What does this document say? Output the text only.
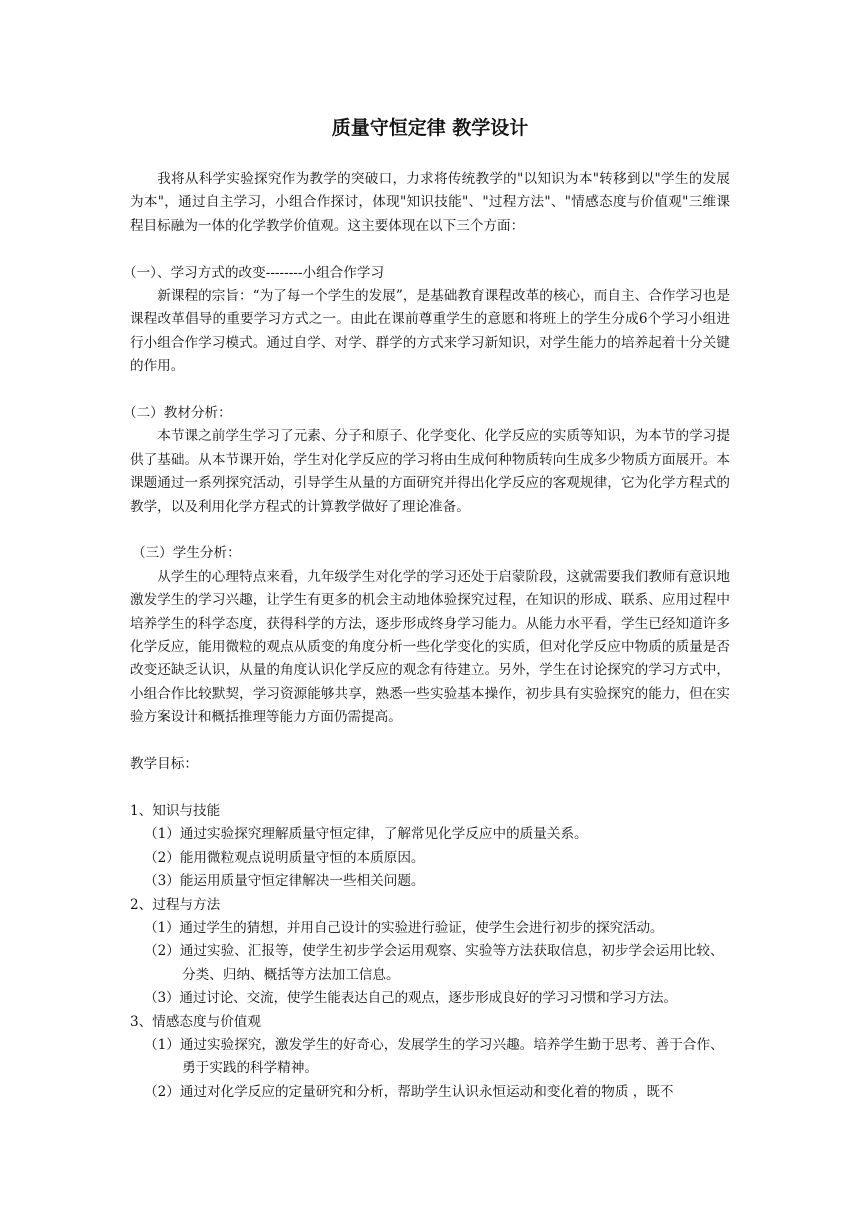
质量守恒定律 教学设计

我将从科学实验探究作为教学的突破口，力求将传统教学的"以知识为本"转移到以"学生的发展为本"，通过自主学习，小组合作探讨，体现"知识技能"、"过程方法"、"情感态度与价值观"三维课程目标融为一体的化学教学价值观。这主要体现在以下三个方面：

（一）、学习方式的改变--------小组合作学习

新课程的宗旨：“为了每一个学生的发展”，是基础教育课程改革的核心，而自主、合作学习也是课程改革倡导的重要学习方式之一。由此在课前尊重学生的意愿和将班上的学生分成6个学习小组进行小组合作学习模式。通过自学、对学、群学的方式来学习新知识，对学生能力的培养起着十分关键的作用。

（二）教材分析：

本节课之前学生学习了元素、分子和原子、化学变化、化学反应的实质等知识，为本节的学习提供了基础。从本节课开始，学生对化学反应的学习将由生成何种物质转向生成多少物质方面展开。本课题通过一系列探究活动，引导学生从量的方面研究并得出化学反应的客观规律，它为化学方程式的教学，以及利用化学方程式的计算教学做好了理论准备。

（三）学生分析：

从学生的心理特点来看，九年级学生对化学的学习还处于启蒙阶段，这就需要我们教师有意识地激发学生的学习兴趣，让学生有更多的机会主动地体验探究过程，在知识的形成、联系、应用过程中培养学生的科学态度，获得科学的方法，逐步形成终身学习能力。从能力水平看，学生已经知道许多化学反应，能用微粒的观点从质变的角度分析一些化学变化的实质，但对化学反应中物质的质量是否改变还缺乏认识，从量的角度认识化学反应的观念有待建立。另外，学生在讨论探究的学习方式中，小组合作比较默契，学习资源能够共享，熟悉一些实验基本操作，初步具有实验探究的能力，但在实验方案设计和概括推理等能力方面仍需提高。

教学目标：

1、知识与技能

（1）通过实验探究理解质量守恒定律，了解常见化学反应中的质量关系。

（2）能用微粒观点说明质量守恒的本质原因。

（3）能运用质量守恒定律解决一些相关问题。

2、过程与方法

（1）通过学生的猜想，并用自己设计的实验进行验证，使学生会进行初步的探究活动。

（2）通过实验、汇报等，使学生初步学会运用观察、实验等方法获取信息，初步学会运用比较、分类、归纳、概括等方法加工信息。

（3）通过讨论、交流，使学生能表达自己的观点，逐步形成良好的学习习惯和学习方法。

3、情感态度与价值观

（1）通过实验探究，激发学生的好奇心，发展学生的学习兴趣。培养学生勤于思考、善于合作、勇于实践的科学精神。

（2）通过对化学反应的定量研究和分析，帮助学生认识永恒运动和变化着的物质 ，既不
